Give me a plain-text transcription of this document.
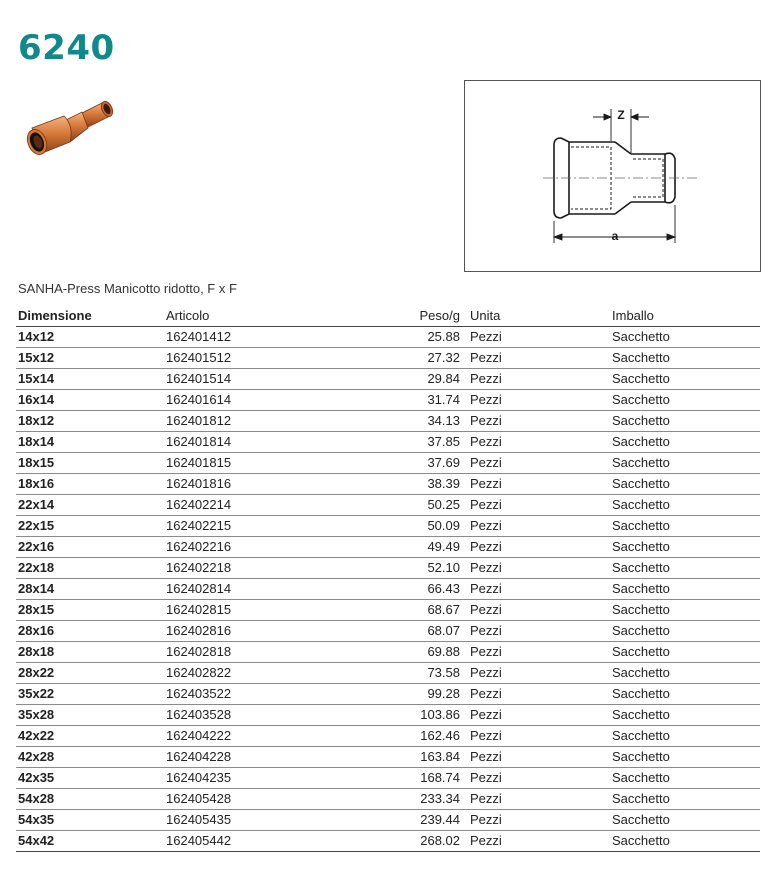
6240
Z
a
SANHA-Press Manicotto ridotto, F x F
Dimensione	Articolo	Peso/g	Unita	Imballo
14x12	162401412	25.88	Pezzi	Sacchetto
15x12	162401512	27.32	Pezzi	Sacchetto
15x14	162401514	29.84	Pezzi	Sacchetto
16x14	162401614	31.74	Pezzi	Sacchetto
18x12	162401812	34.13	Pezzi	Sacchetto
18x14	162401814	37.85	Pezzi	Sacchetto
18x15	162401815	37.69	Pezzi	Sacchetto
18x16	162401816	38.39	Pezzi	Sacchetto
22x14	162402214	50.25	Pezzi	Sacchetto
22x15	162402215	50.09	Pezzi	Sacchetto
22x16	162402216	49.49	Pezzi	Sacchetto
22x18	162402218	52.10	Pezzi	Sacchetto
28x14	162402814	66.43	Pezzi	Sacchetto
28x15	162402815	68.67	Pezzi	Sacchetto
28x16	162402816	68.07	Pezzi	Sacchetto
28x18	162402818	69.88	Pezzi	Sacchetto
28x22	162402822	73.58	Pezzi	Sacchetto
35x22	162403522	99.28	Pezzi	Sacchetto
35x28	162403528	103.86	Pezzi	Sacchetto
42x22	162404222	162.46	Pezzi	Sacchetto
42x28	162404228	163.84	Pezzi	Sacchetto
42x35	162404235	168.74	Pezzi	Sacchetto
54x28	162405428	233.34	Pezzi	Sacchetto
54x35	162405435	239.44	Pezzi	Sacchetto
54x42	162405442	268.02	Pezzi	Sacchetto
